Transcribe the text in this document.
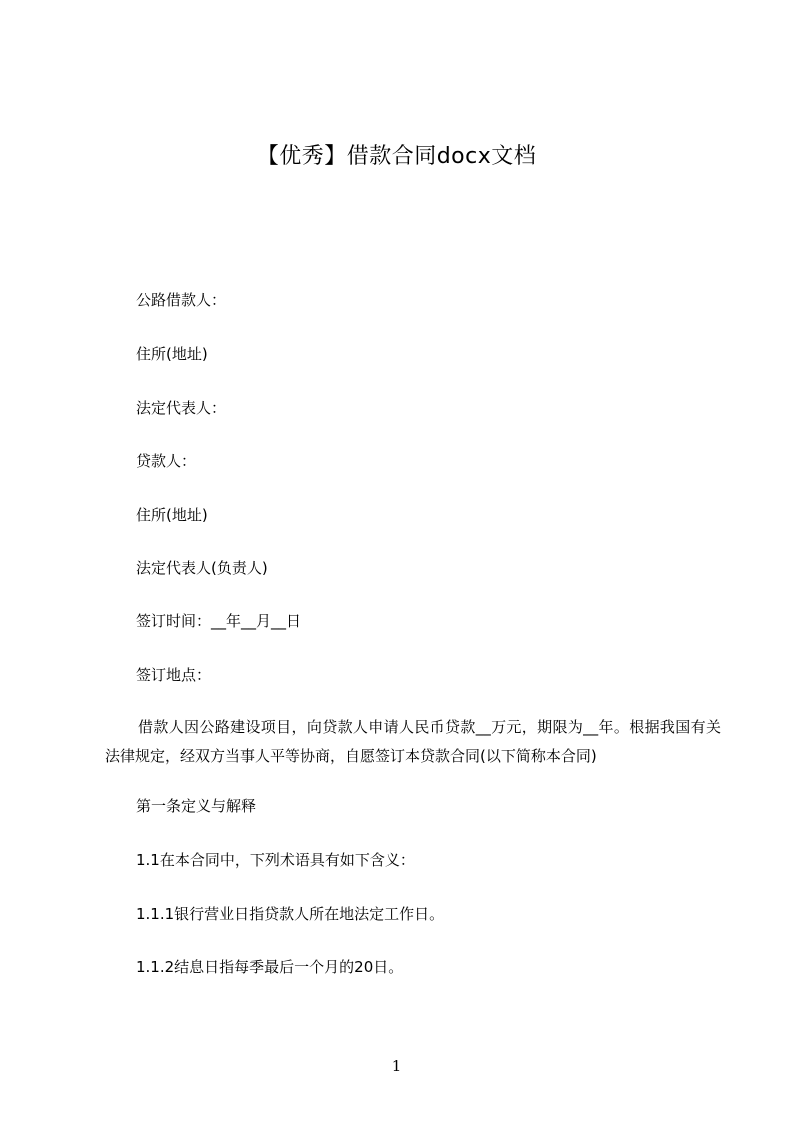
【优秀】借款合同docx文档
公路借款人：
住所(地址)
法定代表人：
贷款人：
住所(地址)
法定代表人(负责人)
签订时间：__年__月__日
签订地点：
借款人因公路建设项目，向贷款人申请人民币贷款__万元，期限为__年。根据我国有关法律规定，经双方当事人平等协商，自愿签订本贷款合同(以下简称本合同)
第一条定义与解释
1.1在本合同中，下列术语具有如下含义：
1.1.1银行营业日指贷款人所在地法定工作日。
1.1.2结息日指每季最后一个月的20日。
1
